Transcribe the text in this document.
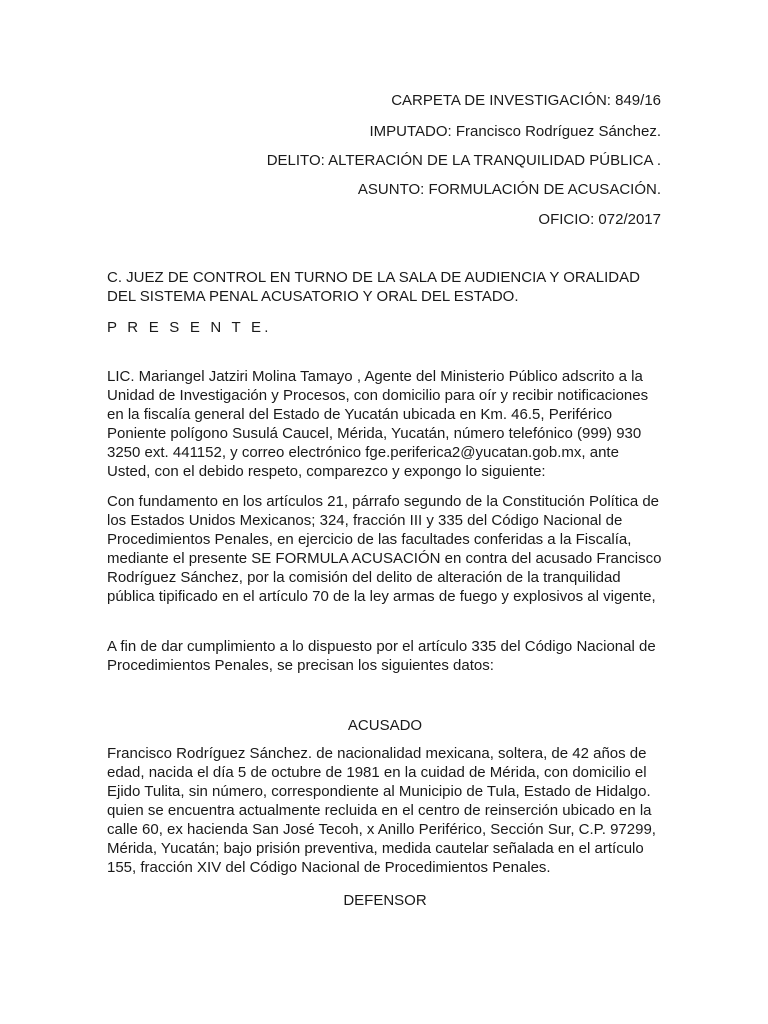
CARPETA DE INVESTIGACIÓN: 849/16
IMPUTADO: Francisco Rodríguez Sánchez.
DELITO: ALTERACIÓN DE LA TRANQUILIDAD PÚBLICA .
ASUNTO: FORMULACIÓN DE ACUSACIÓN.
OFICIO: 072/2017
C. JUEZ DE CONTROL EN TURNO DE LA SALA DE AUDIENCIA Y ORALIDAD DEL SISTEMA PENAL ACUSATORIO Y ORAL DEL ESTADO.
P R E S E N T E.
LIC. Mariangel Jatziri Molina Tamayo , Agente del Ministerio Público adscrito a la Unidad de Investigación y Procesos, con domicilio para oír y recibir notificaciones en la fiscalía general del Estado de Yucatán ubicada en Km. 46.5, Periférico Poniente polígono Susulá Caucel, Mérida, Yucatán, número telefónico (999) 930 3250 ext. 441152, y correo electrónico fge.periferica2@yucatan.gob.mx, ante Usted, con el debido respeto, comparezco y expongo lo siguiente:
Con fundamento en los artículos 21, párrafo segundo de la Constitución Política de los Estados Unidos Mexicanos; 324, fracción III y 335 del Código Nacional de Procedimientos Penales, en ejercicio de las facultades conferidas a la Fiscalía, mediante el presente SE FORMULA ACUSACIÓN en contra del acusado Francisco Rodríguez Sánchez, por la comisión del delito de alteración de la tranquilidad pública tipificado en el artículo 70 de la ley armas de fuego y explosivos al vigente,
A fin de dar cumplimiento a lo dispuesto por el artículo 335 del Código Nacional de Procedimientos Penales, se precisan los siguientes datos:
ACUSADO
Francisco Rodríguez Sánchez. de nacionalidad mexicana, soltera, de 42 años de edad, nacida el día 5 de octubre de 1981 en la cuidad de Mérida, con domicilio el Ejido Tulita, sin número, correspondiente al Municipio de Tula, Estado de Hidalgo. quien se encuentra actualmente recluida en el centro de reinserción ubicado en la calle 60, ex hacienda San José Tecoh, x Anillo Periférico, Sección Sur, C.P. 97299, Mérida, Yucatán; bajo prisión preventiva, medida cautelar señalada en el artículo 155, fracción XIV del Código Nacional de Procedimientos Penales.
DEFENSOR
